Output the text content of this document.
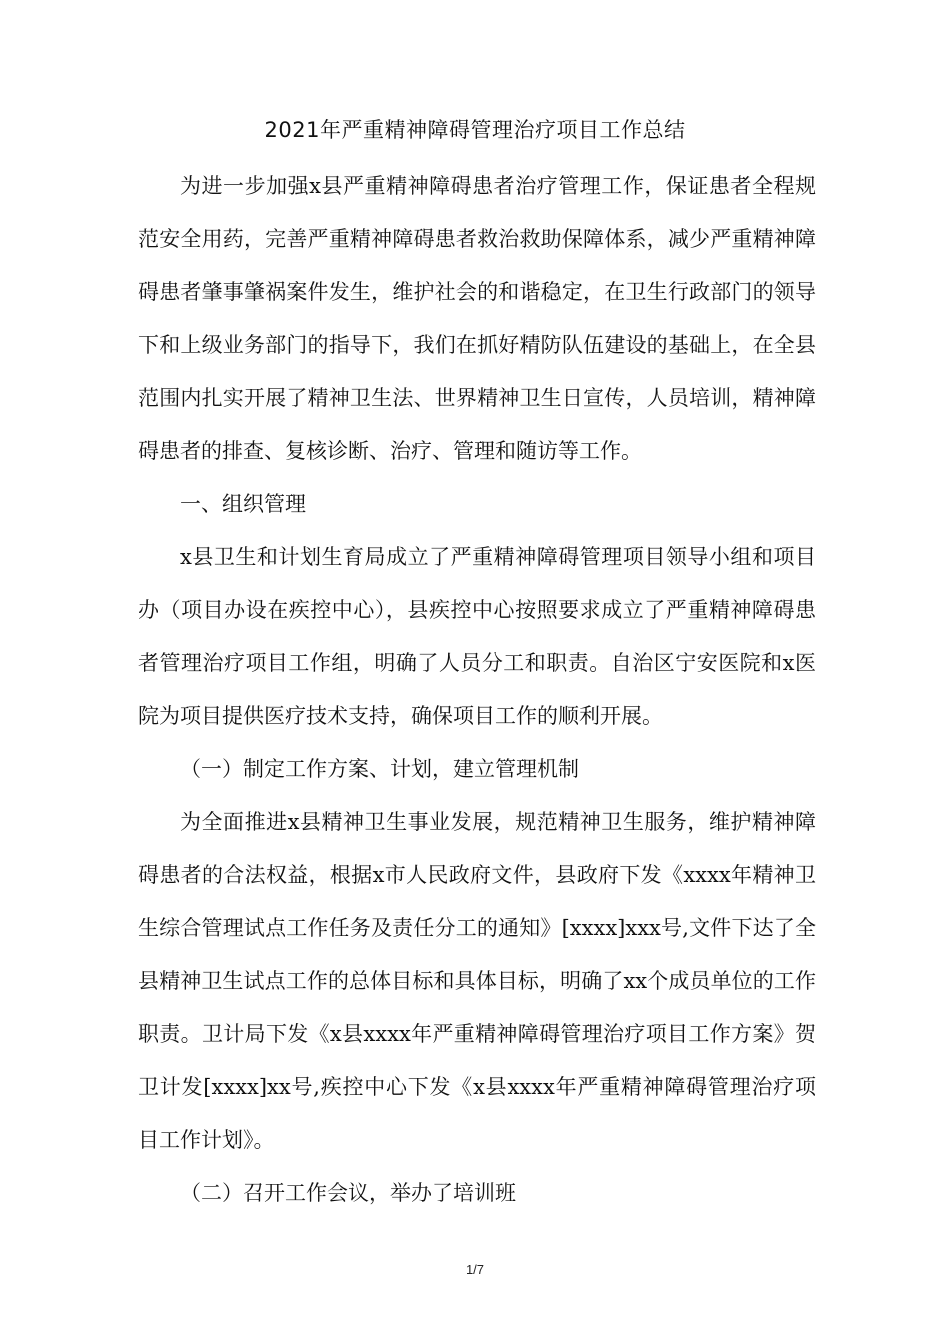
2021年严重精神障碍管理治疗项目工作总结

为进一步加强x县严重精神障碍患者治疗管理工作，保证患者全程规范安全用药，完善严重精神障碍患者救治救助保障体系，减少严重精神障碍患者肇事肇祸案件发生，维护社会的和谐稳定，在卫生行政部门的领导下和上级业务部门的指导下，我们在抓好精防队伍建设的基础上，在全县范围内扎实开展了精神卫生法、世界精神卫生日宣传，人员培训，精神障碍患者的排查、复核诊断、治疗、管理和随访等工作。

一、组织管理

x县卫生和计划生育局成立了严重精神障碍管理项目领导小组和项目办（项目办设在疾控中心），县疾控中心按照要求成立了严重精神障碍患者管理治疗项目工作组，明确了人员分工和职责。自治区宁安医院和x医院为项目提供医疗技术支持，确保项目工作的顺利开展。

（一）制定工作方案、计划，建立管理机制

为全面推进x县精神卫生事业发展，规范精神卫生服务，维护精神障碍患者的合法权益，根据x市人民政府文件，县政府下发《xxxx年精神卫生综合管理试点工作任务及责任分工的通知》[xxxx]xxx号,文件下达了全县精神卫生试点工作的总体目标和具体目标，明确了xx个成员单位的工作职责。卫计局下发《x县xxxx年严重精神障碍管理治疗项目工作方案》贺卫计发[xxxx]xx号,疾控中心下发《x县xxxx年严重精神障碍管理治疗项目工作计划》。

（二）召开工作会议，举办了培训班

1/7
